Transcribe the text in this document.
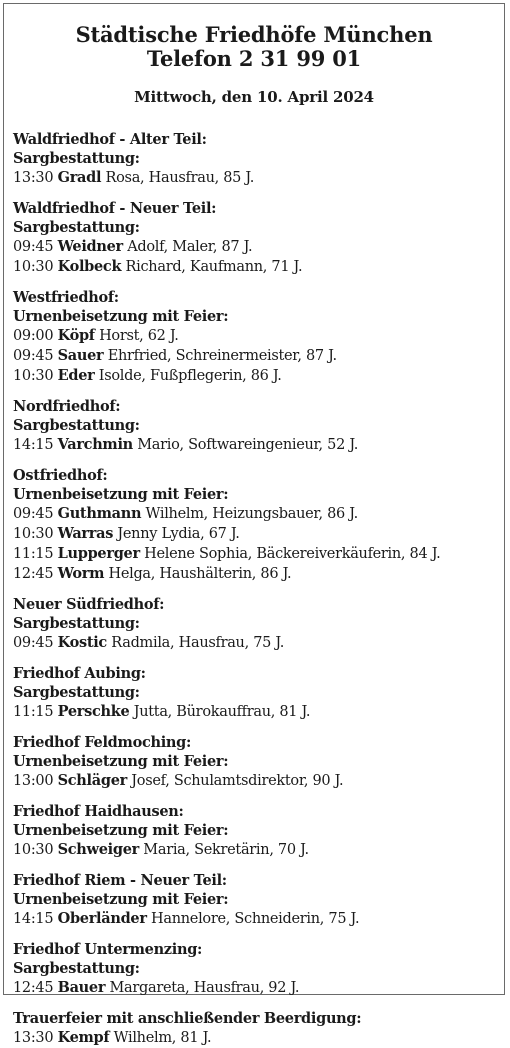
Städtische Friedhöfe München
Telefon 2 31 99 01
Mittwoch, den 10. April 2024
Waldfriedhof - Alter Teil:
Sargbestattung:
13:30 Gradl Rosa, Hausfrau, 85 J.
Waldfriedhof - Neuer Teil:
Sargbestattung:
09:45 Weidner Adolf, Maler, 87 J.
10:30 Kolbeck Richard, Kaufmann, 71 J.
Westfriedhof:
Urnenbeisetzung mit Feier:
09:00 Köpf Horst, 62 J.
09:45 Sauer Ehrfried, Schreinermeister, 87 J.
10:30 Eder Isolde, Fußpflegerin, 86 J.
Nordfriedhof:
Sargbestattung:
14:15 Varchmin Mario, Softwareingenieur, 52 J.
Ostfriedhof:
Urnenbeisetzung mit Feier:
09:45 Guthmann Wilhelm, Heizungsbauer, 86 J.
10:30 Warras Jenny Lydia, 67 J.
11:15 Lupperger Helene Sophia, Bäckereiverkäuferin, 84 J.
12:45 Worm Helga, Haushälterin, 86 J.
Neuer Südfriedhof:
Sargbestattung:
09:45 Kostic Radmila, Hausfrau, 75 J.
Friedhof Aubing:
Sargbestattung:
11:15 Perschke Jutta, Bürokauffrau, 81 J.
Friedhof Feldmoching:
Urnenbeisetzung mit Feier:
13:00 Schläger Josef, Schulamtsdirektor, 90 J.
Friedhof Haidhausen:
Urnenbeisetzung mit Feier:
10:30 Schweiger Maria, Sekretärin, 70 J.
Friedhof Riem - Neuer Teil:
Urnenbeisetzung mit Feier:
14:15 Oberländer Hannelore, Schneiderin, 75 J.
Friedhof Untermenzing:
Sargbestattung:
12:45 Bauer Margareta, Hausfrau, 92 J.
Trauerfeier mit anschließender Beerdigung:
13:30 Kempf Wilhelm, 81 J.
